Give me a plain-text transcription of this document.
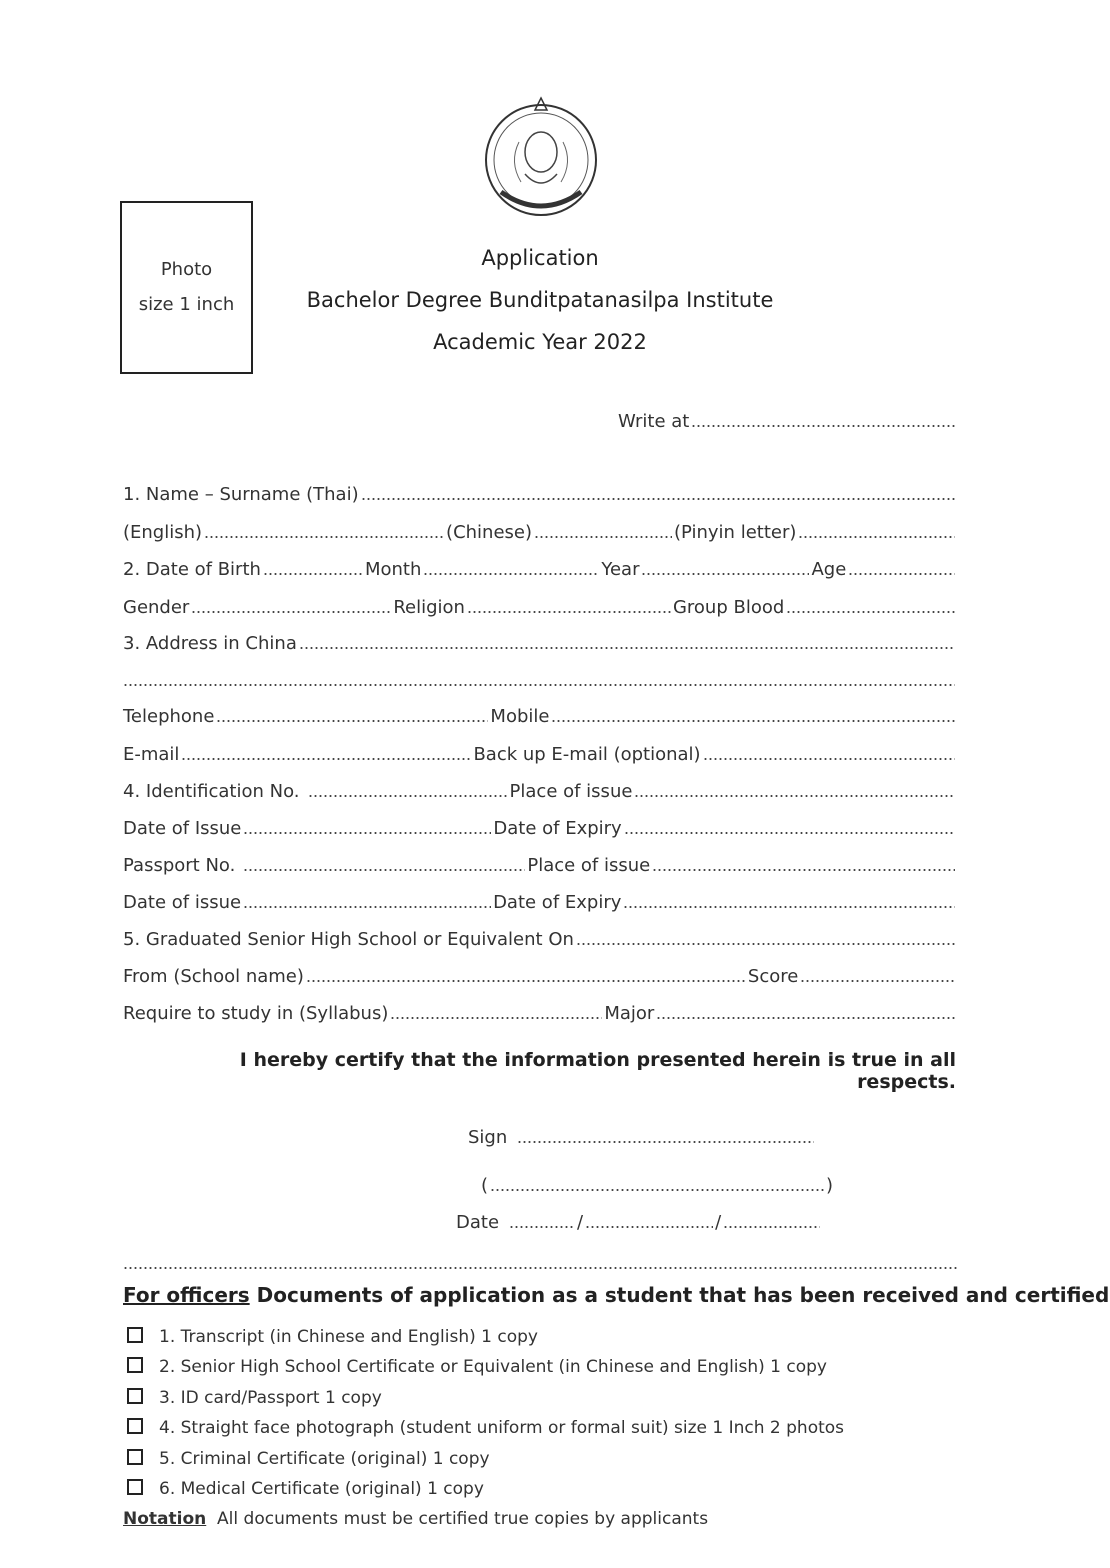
Photo
size 1 inch
Application
Bachelor Degree Bunditpatanasilpa Institute
Academic Year 2022
Write at
1. Name – Surname (Thai)
(English)	(Chinese)	(Pinyin letter)
2. Date of Birth	Month	Year	Age
Gender	Religion	Group Blood
3. Address in China
Telephone	Mobile
E-mail	Back up E-mail (optional)
4. Identification No.	Place of issue
Date of Issue	Date of Expiry
Passport No.	Place of issue
Date of issue	Date of Expiry
5. Graduated Senior High School or Equivalent On
From (School name)	Score
Require to study in (Syllabus)	Major
I hereby certify that the information presented herein is true in all respects.
Sign
(	)
Date	/	/
For officers Documents of application as a student that has been received and certified
1. Transcript (in Chinese and English) 1 copy
2. Senior High School Certificate or Equivalent (in Chinese and English) 1 copy
3. ID card/Passport 1 copy
4. Straight face photograph (student uniform or formal suit) size 1 Inch 2 photos
5. Criminal Certificate (original) 1 copy
6. Medical Certificate (original) 1 copy
Notation  All documents must be certified true copies by applicants
